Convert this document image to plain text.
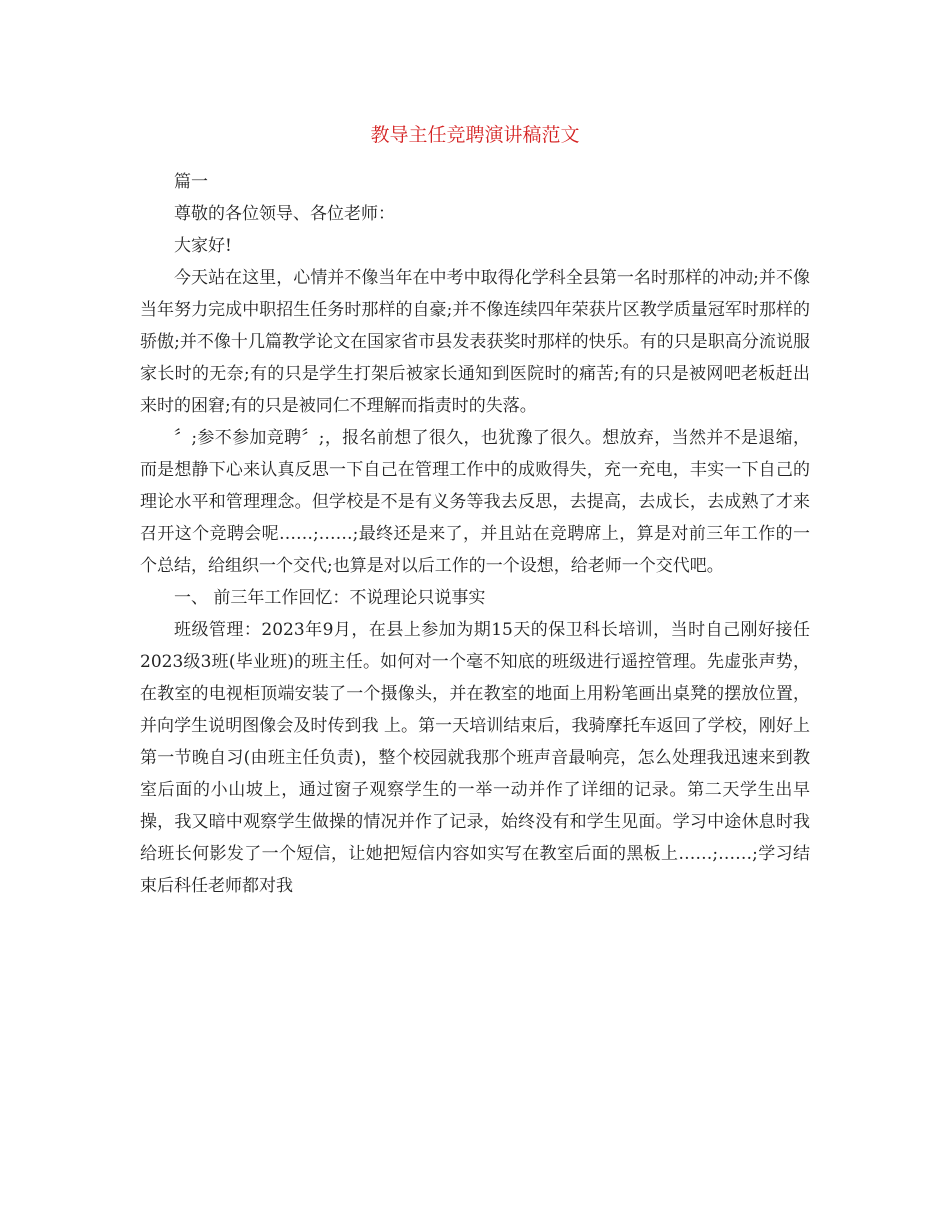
教导主任竞聘演讲稿范文

篇一

尊敬的各位领导、各位老师：

大家好!

今天站在这里，心情并不像当年在中考中取得化学科全县第一名时那样的冲动;并不像当年努力完成中职招生任务时那样的自豪;并不像连续四年荣获片区教学质量冠军时那样的骄傲;并不像十几篇教学论文在国家省市县发表获奖时那样的快乐。有的只是职高分流说服家长时的无奈;有的只是学生打架后被家长通知到医院时的痛苦;有的只是被网吧老板赶出来时的困窘;有的只是被同仁不理解而指责时的失落。

〞;参不参加竞聘〞;，报名前想了很久，也犹豫了很久。想放弃，当然并不是退缩，而是想静下心来认真反思一下自己在管理工作中的成败得失，充一充电，丰实一下自己的理论水平和管理理念。但学校是不是有义务等我去反思，去提高，去成长，去成熟了才来召开这个竞聘会呢……;……;最终还是来了，并且站在竞聘席上，算是对前三年工作的一个总结，给组织一个交代;也算是对以后工作的一个设想，给老师一个交代吧。

一、 前三年工作回忆：不说理论只说事实

班级管理：2023年9月，在县上参加为期15天的保卫科长培训，当时自己刚好接任2023级3班(毕业班)的班主任。如何对一个毫不知底的班级进行遥控管理。先虚张声势，在教室的电视柜顶端安装了一个摄像头，并在教室的地面上用粉笔画出桌凳的摆放位置，并向学生说明图像会及时传到我 上。第一天培训结束后，我骑摩托车返回了学校，刚好上第一节晚自习(由班主任负责)，整个校园就我那个班声音最响亮，怎么处理我迅速来到教室后面的小山坡上，通过窗子观察学生的一举一动并作了详细的记录。第二天学生出早操，我又暗中观察学生做操的情况并作了记录，始终没有和学生见面。学习中途休息时我给班长何影发了一个短信，让她把短信内容如实写在教室后面的黑板上……;……;学习结束后科任老师都对我
